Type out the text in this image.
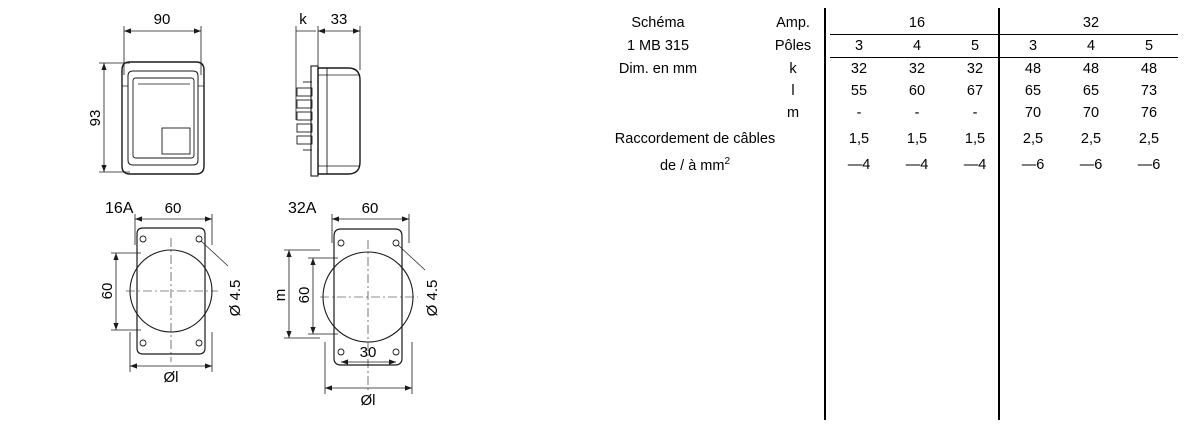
90	33
k
93
16A 60
60	Ø 4.5
Øl
32A	60
60
m	Ø 4.5
30
Øl
Schéma	Amp.	16			32		
1 MB 315	Pôles	3	4	5	3	4	5
Dim. en mm	k	32	32	32	48	48	48
	l	55	60	67	65	65	73
	m	-	-	-	70	70	76
Raccordement de câbles		1,5	1,5	1,5	2,5	2,5	2,5
de / à $mm^2$		—4	—4	—4	—6	—6	—6
